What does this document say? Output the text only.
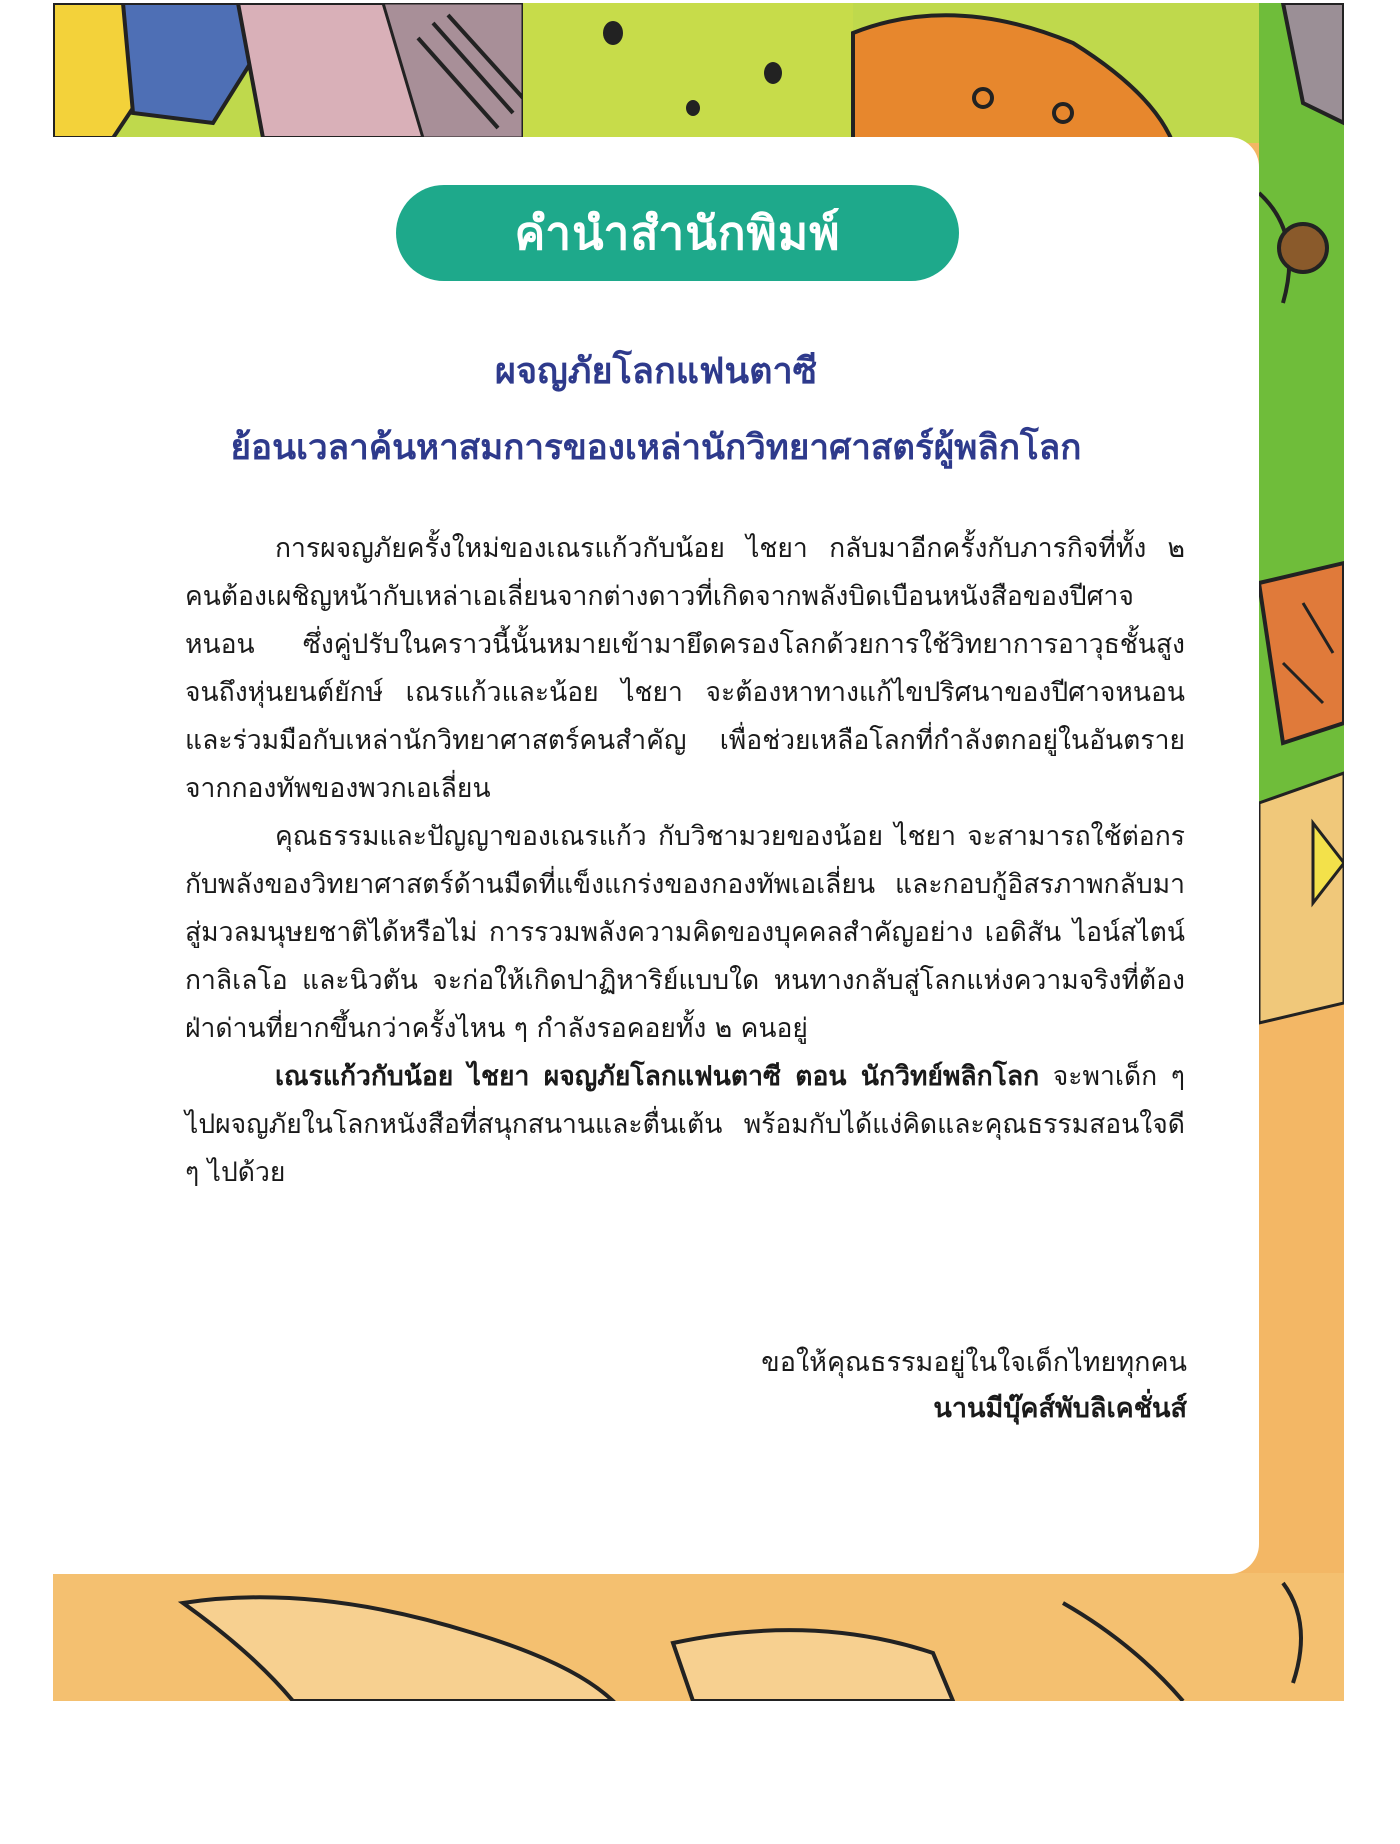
คำนำสำนักพิมพ์
ผจญภัยโลกแฟนตาซี
ย้อนเวลาค้นหาสมการของเหล่านักวิทยาศาสตร์ผู้พลิกโลก

การผจญภัยครั้งใหม่ของเณรแก้วกับน้อย ไชยา กลับมาอีกครั้งกับภารกิจที่ทั้ง ๒ คนต้องเผชิญหน้ากับเหล่าเอเลี่ยนจากต่างดาวที่เกิดจากพลังบิดเบือนหนังสือของปีศาจหนอน ซึ่งคู่ปรับในคราวนี้นั้นหมายเข้ามายึดครองโลกด้วยการใช้วิทยาการอาวุธชั้นสูงจนถึงหุ่นยนต์ยักษ์ เณรแก้วและน้อย ไชยา จะต้องหาทางแก้ไขปริศนาของปีศาจหนอน และร่วมมือกับเหล่านักวิทยาศาสตร์คนสำคัญ เพื่อช่วยเหลือโลกที่กำลังตกอยู่ในอันตรายจากกองทัพของพวกเอเลี่ยน

คุณธรรมและปัญญาของเณรแก้ว กับวิชามวยของน้อย ไชยา จะสามารถใช้ต่อกรกับพลังของวิทยาศาสตร์ด้านมืดที่แข็งแกร่งของกองทัพเอเลี่ยน และกอบกู้อิสรภาพกลับมาสู่มวลมนุษยชาติได้หรือไม่ การรวมพลังความคิดของบุคคลสำคัญอย่าง เอดิสัน ไอน์สไตน์ กาลิเลโอ และนิวตัน จะก่อให้เกิดปาฏิหาริย์แบบใด หนทางกลับสู่โลกแห่งความจริงที่ต้องฝ่าด่านที่ยากขึ้นกว่าครั้งไหน ๆ กำลังรอคอยทั้ง ๒ คนอยู่

เณรแก้วกับน้อย ไชยา ผจญภัยโลกแฟนตาซี ตอน นักวิทย์พลิกโลก จะพาเด็ก ๆ ไปผจญภัยในโลกหนังสือที่สนุกสนานและตื่นเต้น พร้อมกับได้แง่คิดและคุณธรรมสอนใจดี ๆ ไปด้วย

ขอให้คุณธรรมอยู่ในใจเด็กไทยทุกคน
นานมีบุ๊คส์พับลิเคชั่นส์
